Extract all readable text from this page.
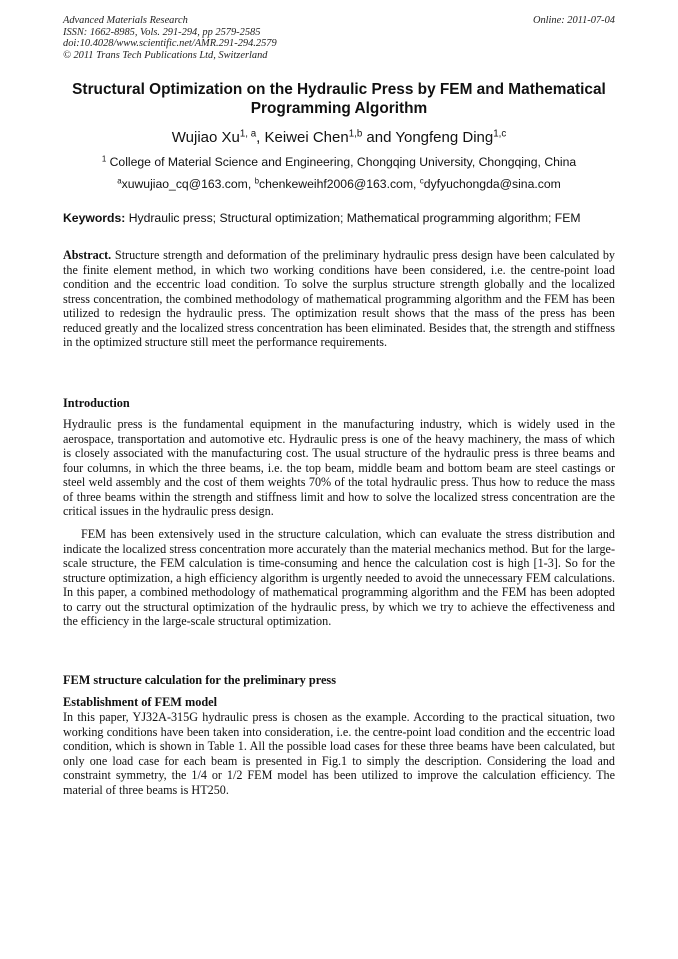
Advanced Materials Research
ISSN: 1662-8985, Vols. 291-294, pp 2579-2585
doi:10.4028/www.scientific.net/AMR.291-294.2579
© 2011 Trans Tech Publications Ltd, Switzerland
Online: 2011-07-04
Structural Optimization on the Hydraulic Press by FEM and Mathematical Programming Algorithm
Wujiao Xu$^{1, a}$, Keiwei Chen$^{1,b}$ and Yongfeng Ding$^{1,c}$
$^1$ College of Material Science and Engineering, Chongqing University, Chongqing, China
$^a$xuwujiao_cq@163.com, $^b$chenkeweihf2006@163.com, $^c$dyfyuchongda@sina.com
Keywords: Hydraulic press; Structural optimization; Mathematical programming algorithm; FEM
Abstract. Structure strength and deformation of the preliminary hydraulic press design have been calculated by the finite element method, in which two working conditions have been considered, i.e. the centre-point load condition and the eccentric load condition. To solve the surplus structure strength globally and the localized stress concentration, the combined methodology of mathematical programming algorithm and the FEM has been utilized to redesign the hydraulic press. The optimization result shows that the mass of the press has been reduced greatly and the localized stress concentration has been eliminated. Besides that, the strength and stiffness in the optimized structure still meet the performance requirements.
Introduction
Hydraulic press is the fundamental equipment in the manufacturing industry, which is widely used in the aerospace, transportation and automotive etc. Hydraulic press is one of the heavy machinery, the mass of which is closely associated with the manufacturing cost. The usual structure of the hydraulic press is three beams and four columns, in which the three beams, i.e. the top beam, middle beam and bottom beam are steel castings or steel weld assembly and the cost of them weights 70% of the total hydraulic press. Thus how to reduce the mass of three beams within the strength and stiffness limit and how to solve the localized stress concentration are the critical issues in the hydraulic press design.
FEM has been extensively used in the structure calculation, which can evaluate the stress distribution and indicate the localized stress concentration more accurately than the material mechanics method. But for the large-scale structure, the FEM calculation is time-consuming and hence the calculation cost is high [1-3]. So for the structure optimization, a high efficiency algorithm is urgently needed to avoid the unnecessary FEM calculations. In this paper, a combined methodology of mathematical programming algorithm and the FEM has been adopted to carry out the structural optimization of the hydraulic press, by which we try to achieve the effectiveness and the efficiency in the large-scale structural optimization.
FEM structure calculation for the preliminary press
Establishment of FEM model
In this paper, YJ32A-315G hydraulic press is chosen as the example. According to the practical situation, two working conditions have been taken into consideration, i.e. the centre-point load condition and the eccentric load condition, which is shown in Table 1. All the possible load cases for these three beams have been calculated, but only one load case for each beam is presented in Fig.1 to simply the description. Considering the load and constraint symmetry, the 1/4 or 1/2 FEM model has been utilized to improve the calculation efficiency. The material of three beams is HT250.
